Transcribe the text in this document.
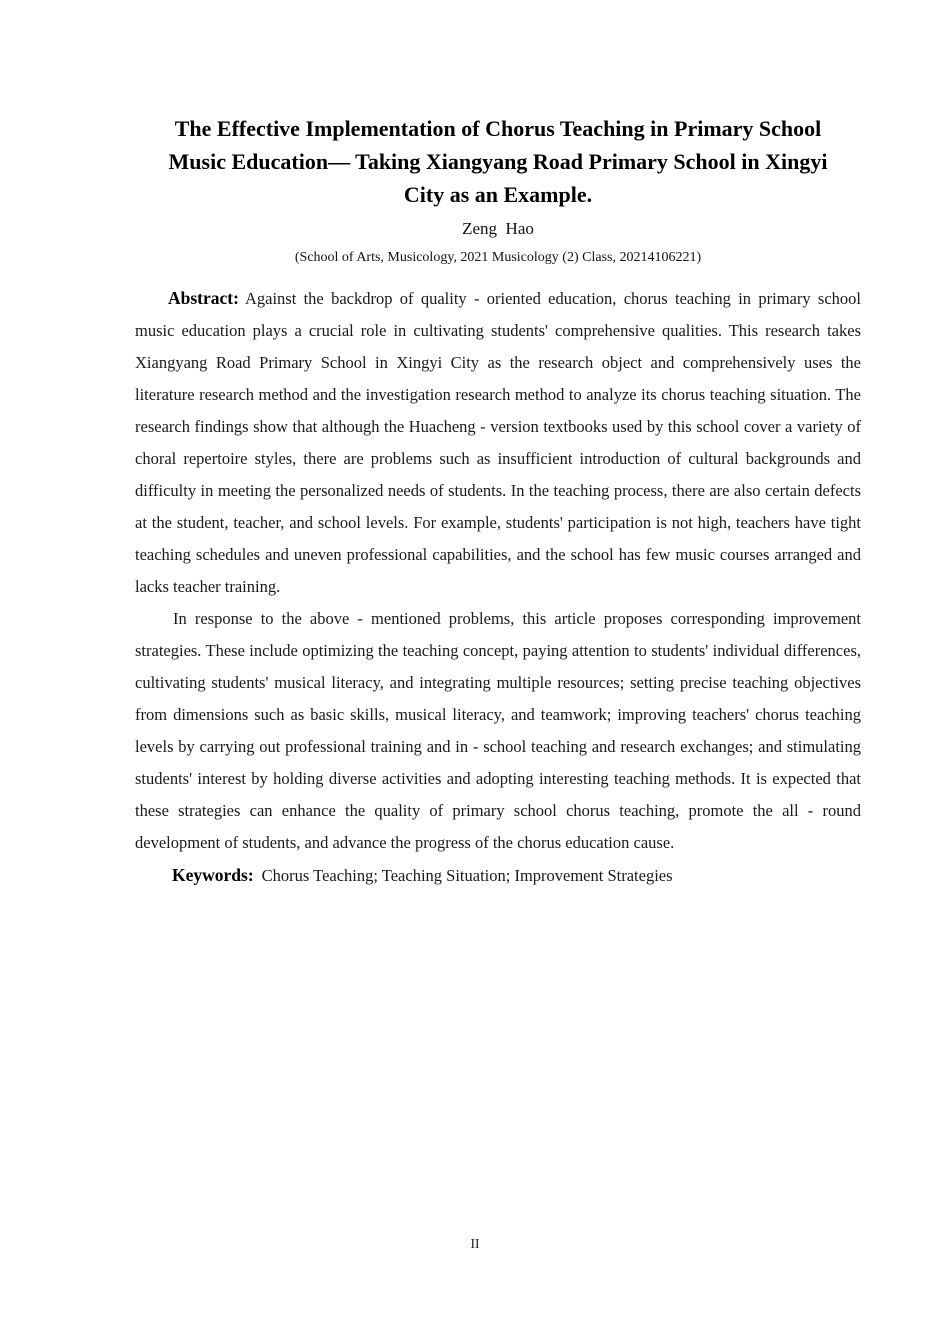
The Effective Implementation of Chorus Teaching in Primary School Music Education— Taking Xiangyang Road Primary School in Xingyi City as an Example.
Zeng  Hao
(School of Arts, Musicology, 2021 Musicology (2) Class, 20214106221)

Abstract: Against the backdrop of quality - oriented education, chorus teaching in primary school music education plays a crucial role in cultivating students' comprehensive qualities. This research takes Xiangyang Road Primary School in Xingyi City as the research object and comprehensively uses the literature research method and the investigation research method to analyze its chorus teaching situation. The research findings show that although the Huacheng - version textbooks used by this school cover a variety of choral repertoire styles, there are problems such as insufficient introduction of cultural backgrounds and difficulty in meeting the personalized needs of students. In the teaching process, there are also certain defects at the student, teacher, and school levels. For example, students' participation is not high, teachers have tight teaching schedules and uneven professional capabilities, and the school has few music courses arranged and lacks teacher training.

In response to the above - mentioned problems, this article proposes corresponding improvement strategies. These include optimizing the teaching concept, paying attention to students' individual differences, cultivating students' musical literacy, and integrating multiple resources; setting precise teaching objectives from dimensions such as basic skills, musical literacy, and teamwork; improving teachers' chorus teaching levels by carrying out professional training and in - school teaching and research exchanges; and stimulating students' interest by holding diverse activities and adopting interesting teaching methods. It is expected that these strategies can enhance the quality of primary school chorus teaching, promote the all - round development of students, and advance the progress of the chorus education cause.

Keywords: Chorus Teaching; Teaching Situation; Improvement Strategies

II
